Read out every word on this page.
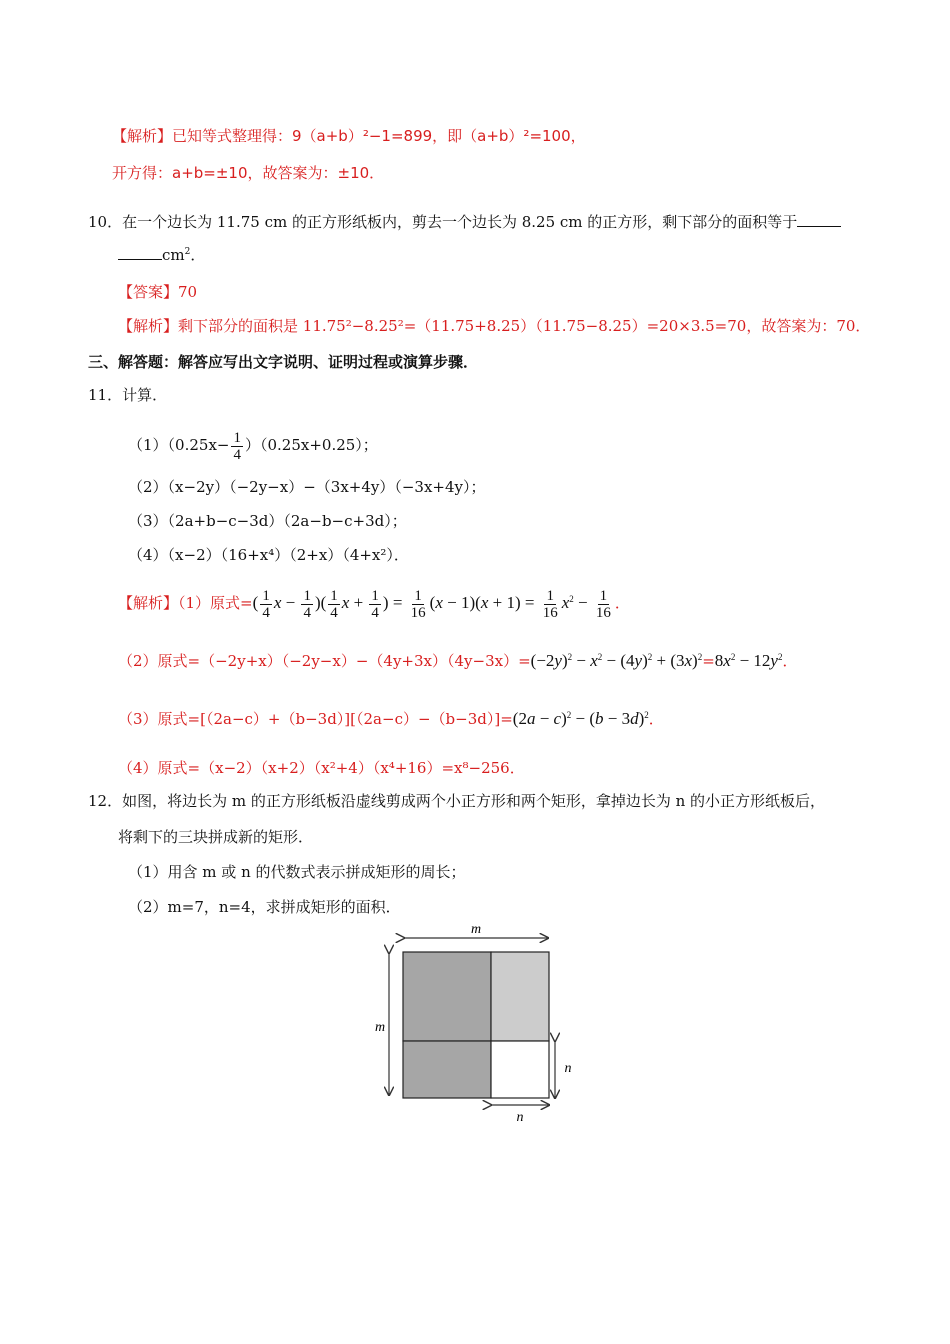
【解析】已知等式整理得：9（a+b）²−1=899，即（a+b）²=100，
开方得：a+b=±10，故答案为：±10．
10．在一个边长为 11.75 cm 的正方形纸板内，剪去一个边长为 8.25 cm 的正方形，剩下部分的面积等于
$cm^2$．
【答案】70
【解析】剩下部分的面积是 11.75²−8.25²=（11.75+8.25）（11.75−8.25）=20×3.5=70，故答案为：70．
三、解答题：解答应写出文字说明、证明过程或演算步骤．
11．计算．
$(1)(0.25x- \frac{1}{4} )(0.25x+0.25)$；
（2）（x−2y）（−2y−x）−（3x+4y）（−3x+4y）；
（3）（2a+b−c−3d）（2a−b−c+3d）；
（4）（x−2）（16+x⁴）（2+x）（4+x²）．
【解析】（1）原式=( $\frac{1}{4}$ $x - \frac{1}{4}$ )( $\frac{1}{4}$ $x + \frac{1}{4}$ ) = $\frac{1}{16} (x - 1)(x + 1) = \frac{1}{16} x^2 - \frac{1}{16}$ ．
（2）原式$=(-2y+x)(-2y-x)-(4y+3x)(4y-3x)=(-2y)^2 - x^2 - (4y)^2 + (3x)^2=8x^2 - 12y^2$．
（3）原式$=[(2a-c)+(b-3d)][(2a-c)-(b-3d)]=(2a - c)^2 - (b - 3d)^2$．
（4）原式=（x−2）（x+2）（x²+4）（x⁴+16）=x⁸−256．
12．如图，将边长为 m 的正方形纸板沿虚线剪成两个小正方形和两个矩形，拿掉边长为 n 的小正方形纸板后，
将剩下的三块拼成新的矩形．
（1）用含 m 或 n 的代数式表示拼成矩形的周长；
（2）m=7，n=4，求拼成矩形的面积．
m
m
n
n
